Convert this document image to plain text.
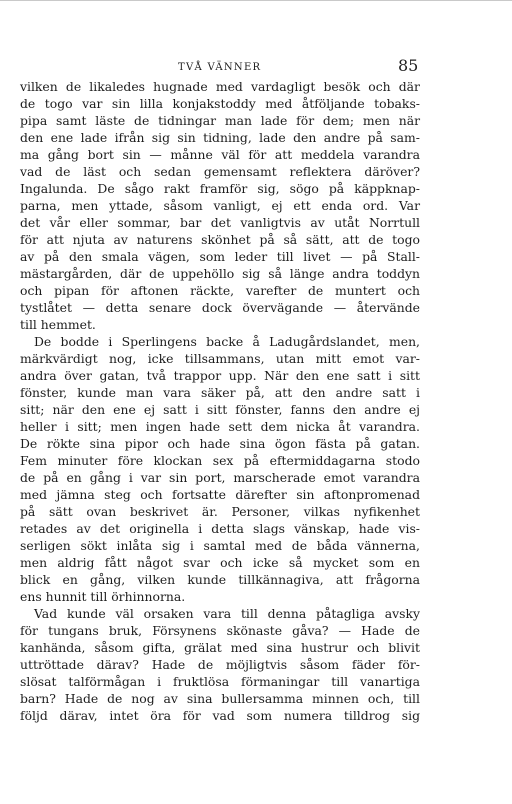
TVÅ VÄNNER	85
vilken de likaledes hugnade med vardagligt besök och där
de togo var sin lilla konjakstoddy med åtföljande tobaks-
pipa samt läste de tidningar man lade för dem; men när
den ene lade ifrån sig sin tidning, lade den andre på sam-
ma gång bort sin — månne väl för att meddela varandra
vad de läst och sedan gemensamt reflektera däröver?
Ingalunda. De sågo rakt framför sig, sögo på käppknap-
parna, men yttade, såsom vanligt, ej ett enda ord. Var
det vår eller sommar, bar det vanligtvis av utåt Norrtull
för att njuta av naturens skönhet på så sätt, att de togo
av på den smala vägen, som leder till livet — på Stall-
mästargården, där de uppehöllo sig så länge andra toddyn
och pipan för aftonen räckte, varefter de muntert och
tystlåtet — detta senare dock övervägande — återvände
till hemmet.
De bodde i Sperlingens backe å Ladugårdslandet, men,
märkvärdigt nog, icke tillsammans, utan mitt emot var-
andra över gatan, två trappor upp. När den ene satt i sitt
fönster, kunde man vara säker på, att den andre satt i
sitt; när den ene ej satt i sitt fönster, fanns den andre ej
heller i sitt; men ingen hade sett dem nicka åt varandra.
De rökte sina pipor och hade sina ögon fästa på gatan.
Fem minuter före klockan sex på eftermiddagarna stodo
de på en gång i var sin port, marscherade emot varandra
med jämna steg och fortsatte därefter sin aftonpromenad
på sätt ovan beskrivet är. Personer, vilkas nyfikenhet
retades av det originella i detta slags vänskap, hade vis-
serligen sökt inlåta sig i samtal med de båda vännerna,
men aldrig fått något svar och icke så mycket som en
blick en gång, vilken kunde tillkännagiva, att frågorna
ens hunnit till örhinnorna.
Vad kunde väl orsaken vara till denna påtagliga avsky
för tungans bruk, Försynens skönaste gåva? — Hade de
kanhända, såsom gifta, grälat med sina hustrur och blivit
uttröttade därav? Hade de möjligtvis såsom fäder för-
slösat talförmågan i fruktlösa förmaningar till vanartiga
barn? Hade de nog av sina bullersamma minnen och, till
följd därav, intet öra för vad som numera tilldrog sig
